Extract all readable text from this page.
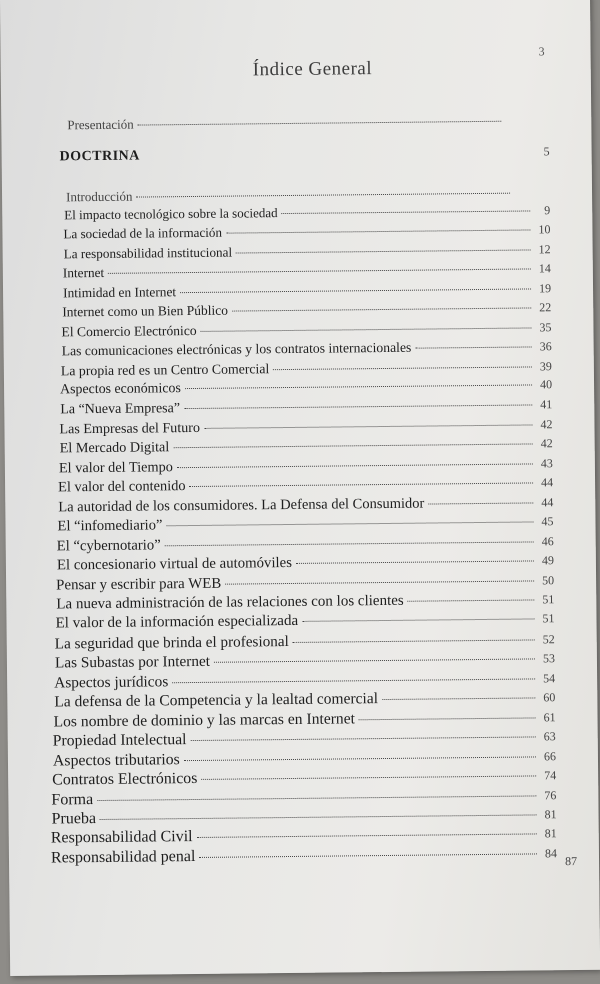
3
Índice General
Presentación
DOCTRINA	5
Introducción
El impacto tecnológico sobre la sociedad	9
La sociedad de la información	10
La responsabilidad institucional	12
Internet	14
Intimidad en Internet	19
Internet como un Bien Público	22
El Comercio Electrónico	35
Las comunicaciones electrónicas y los contratos internacionales	36
La propia red es un Centro Comercial	39
Aspectos económicos	40
La “Nueva Empresa”	41
Las Empresas del Futuro	42
El Mercado Digital	42
El valor del Tiempo	43
El valor del contenido	44
La autoridad de los consumidores. La Defensa del Consumidor	44
El “infomediario”	45
El “cybernotario”	46
El concesionario virtual de automóviles	49
Pensar y escribir para WEB	50
La nueva administración de las relaciones con los clientes	51
El valor de la información especializada	51
La seguridad que brinda el profesional	52
Las Subastas por Internet	53
Aspectos jurídicos	54
La defensa de la Competencia y la lealtad comercial	60
Los nombre de dominio y las marcas en Internet	61
Propiedad Intelectual	63
Aspectos tributarios	66
Contratos Electrónicos	74
Forma	76
Prueba	81
Responsabilidad Civil	81
Responsabilidad penal	84
87
